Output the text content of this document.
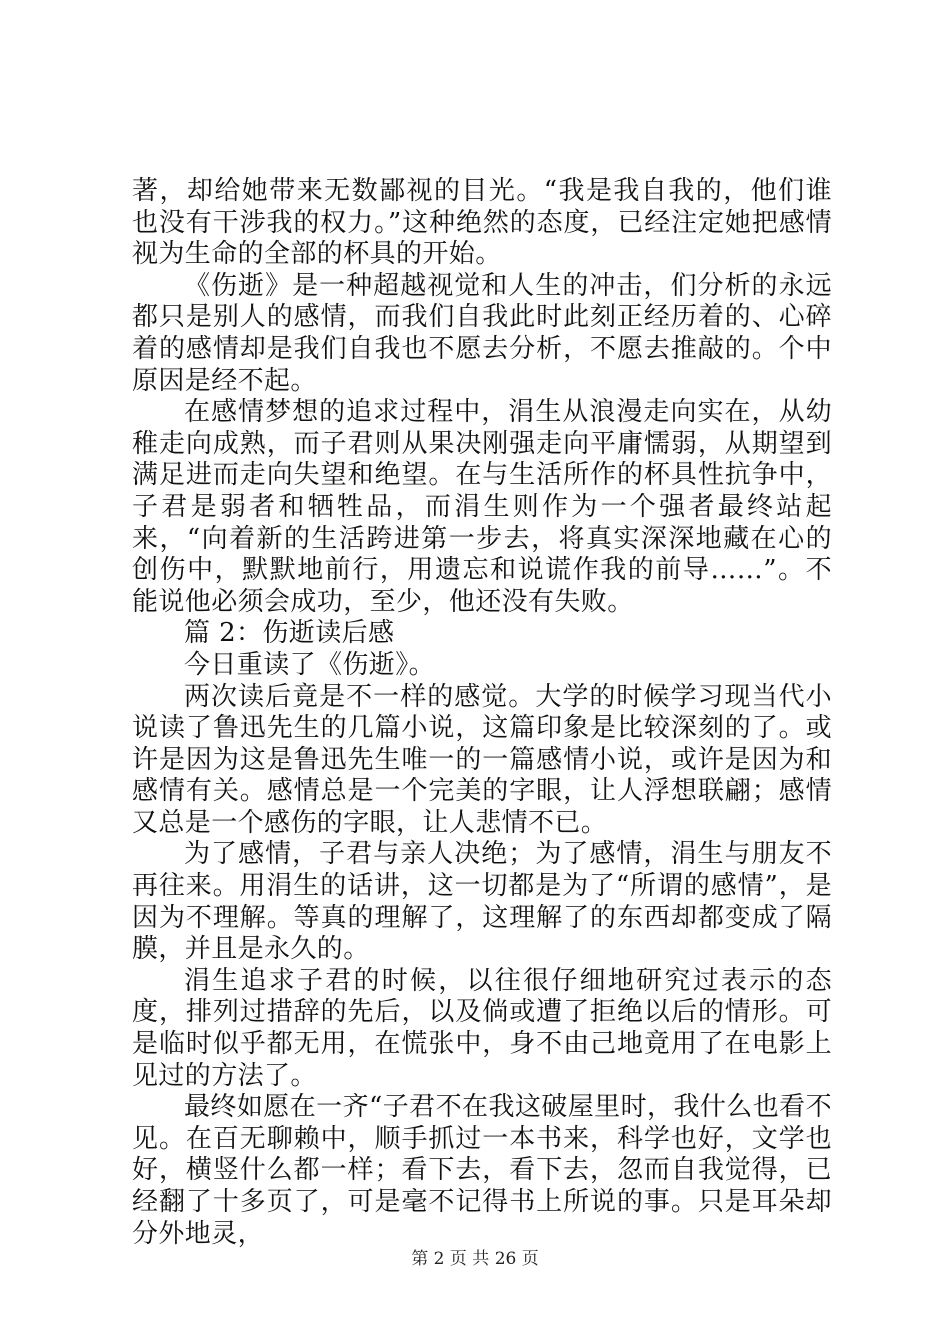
著，却给她带来无数鄙视的目光。“我是我自我的，他们谁也没有干涉我的权力。”这种绝然的态度，已经注定她把感情视为生命的全部的杯具的开始。

《伤逝》是一种超越视觉和人生的冲击，们分析的永远都只是别人的感情，而我们自我此时此刻正经历着的、心碎着的感情却是我们自我也不愿去分析，不愿去推敲的。个中原因是经不起。

在感情梦想的追求过程中，涓生从浪漫走向实在，从幼稚走向成熟，而子君则从果决刚强走向平庸懦弱，从期望到满足进而走向失望和绝望。在与生活所作的杯具性抗争中，子君是弱者和牺牲品，而涓生则作为一个强者最终站起来，“向着新的生活跨进第一步去，将真实深深地藏在心的创伤中，默默地前行，用遗忘和说谎作我的前导……”。不能说他必须会成功，至少，他还没有失败。

篇 2：伤逝读后感

今日重读了《伤逝》。

两次读后竟是不一样的感觉。大学的时候学习现当代小说读了鲁迅先生的几篇小说，这篇印象是比较深刻的了。或许是因为这是鲁迅先生唯一的一篇感情小说，或许是因为和感情有关。感情总是一个完美的字眼，让人浮想联翩；感情又总是一个感伤的字眼，让人悲情不已。

为了感情，子君与亲人决绝；为了感情，涓生与朋友不再往来。用涓生的话讲，这一切都是为了“所谓的感情”，是因为不理解。等真的理解了，这理解了的东西却都变成了隔膜，并且是永久的。

涓生追求子君的时候，以往很仔细地研究过表示的态度，排列过措辞的先后，以及倘或遭了拒绝以后的情形。可是临时似乎都无用，在慌张中，身不由己地竟用了在电影上见过的方法了。

最终如愿在一齐“子君不在我这破屋里时，我什么也看不见。在百无聊赖中，顺手抓过一本书来，科学也好，文学也好，横竖什么都一样；看下去，看下去，忽而自我觉得，已经翻了十多页了，可是毫不记得书上所说的事。只是耳朵却分外地灵，

第 2 页 共 26 页
